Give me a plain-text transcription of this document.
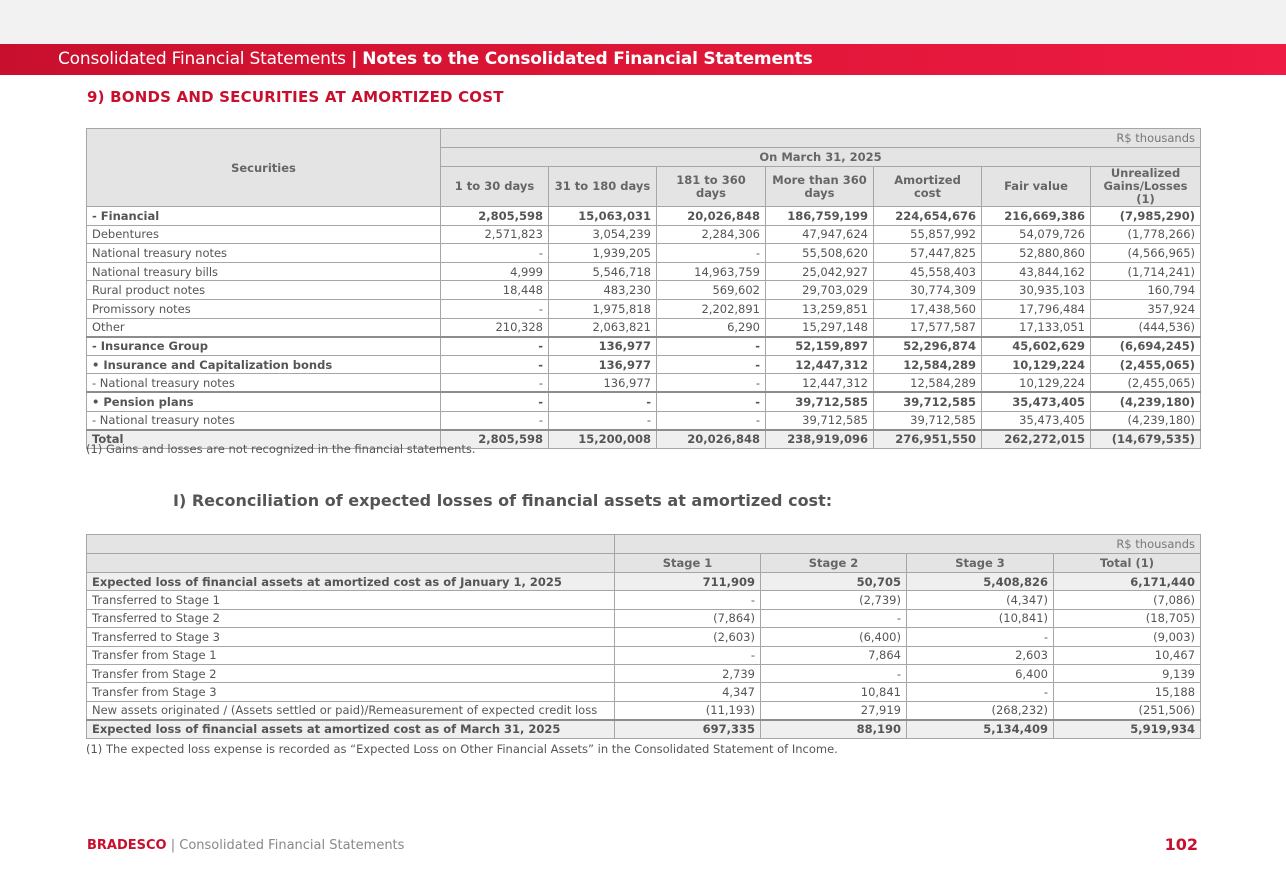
Consolidated Financial Statements | Notes to the Consolidated Financial Statements
9) BONDS AND SECURITIES AT AMORTIZED COST
Securities	R$ thousands						
	On March 31, 2025						
	1 to 30 days	31 to 180 days	181 to 360 days	More than 360 days	Amortized cost	Fair value	Unrealized Gains/Losses (1)
- Financial	2,805,598	15,063,031	20,026,848	186,759,199	224,654,676	216,669,386	(7,985,290)
Debentures	2,571,823	3,054,239	2,284,306	47,947,624	55,857,992	54,079,726	(1,778,266)
National treasury notes	-	1,939,205	-	55,508,620	57,447,825	52,880,860	(4,566,965)
National treasury bills	4,999	5,546,718	14,963,759	25,042,927	45,558,403	43,844,162	(1,714,241)
Rural product notes	18,448	483,230	569,602	29,703,029	30,774,309	30,935,103	160,794
Promissory notes	-	1,975,818	2,202,891	13,259,851	17,438,560	17,796,484	357,924
Other	210,328	2,063,821	6,290	15,297,148	17,577,587	17,133,051	(444,536)
- Insurance Group	-	136,977	-	52,159,897	52,296,874	45,602,629	(6,694,245)
• Insurance and Capitalization bonds	-	136,977	-	12,447,312	12,584,289	10,129,224	(2,455,065)
- National treasury notes	-	136,977	-	12,447,312	12,584,289	10,129,224	(2,455,065)
• Pension plans	-	-	-	39,712,585	39,712,585	35,473,405	(4,239,180)
- National treasury notes	-	-	-	39,712,585	39,712,585	35,473,405	(4,239,180)
Total	2,805,598	15,200,008	20,026,848	238,919,096	276,951,550	262,272,015	(14,679,535)
(1) Gains and losses are not recognized in the financial statements.
I) Reconciliation of expected losses of financial assets at amortized cost:
	R$ thousands			
	Stage 1	Stage 2	Stage 3	Total (1)
Expected loss of financial assets at amortized cost as of January 1, 2025	711,909	50,705	5,408,826	6,171,440
Transferred to Stage 1	-	(2,739)	(4,347)	(7,086)
Transferred to Stage 2	(7,864)	-	(10,841)	(18,705)
Transferred to Stage 3	(2,603)	(6,400)	-	(9,003)
Transfer from Stage 1	-	7,864	2,603	10,467
Transfer from Stage 2	2,739	-	6,400	9,139
Transfer from Stage 3	4,347	10,841	-	15,188
New assets originated / (Assets settled or paid)/Remeasurement of expected credit loss	(11,193)	27,919	(268,232)	(251,506)
Expected loss of financial assets at amortized cost as of March 31, 2025	697,335	88,190	5,134,409	5,919,934
(1) The expected loss expense is recorded as “Expected Loss on Other Financial Assets” in the Consolidated Statement of Income.
BRADESCO | Consolidated Financial Statements	102
